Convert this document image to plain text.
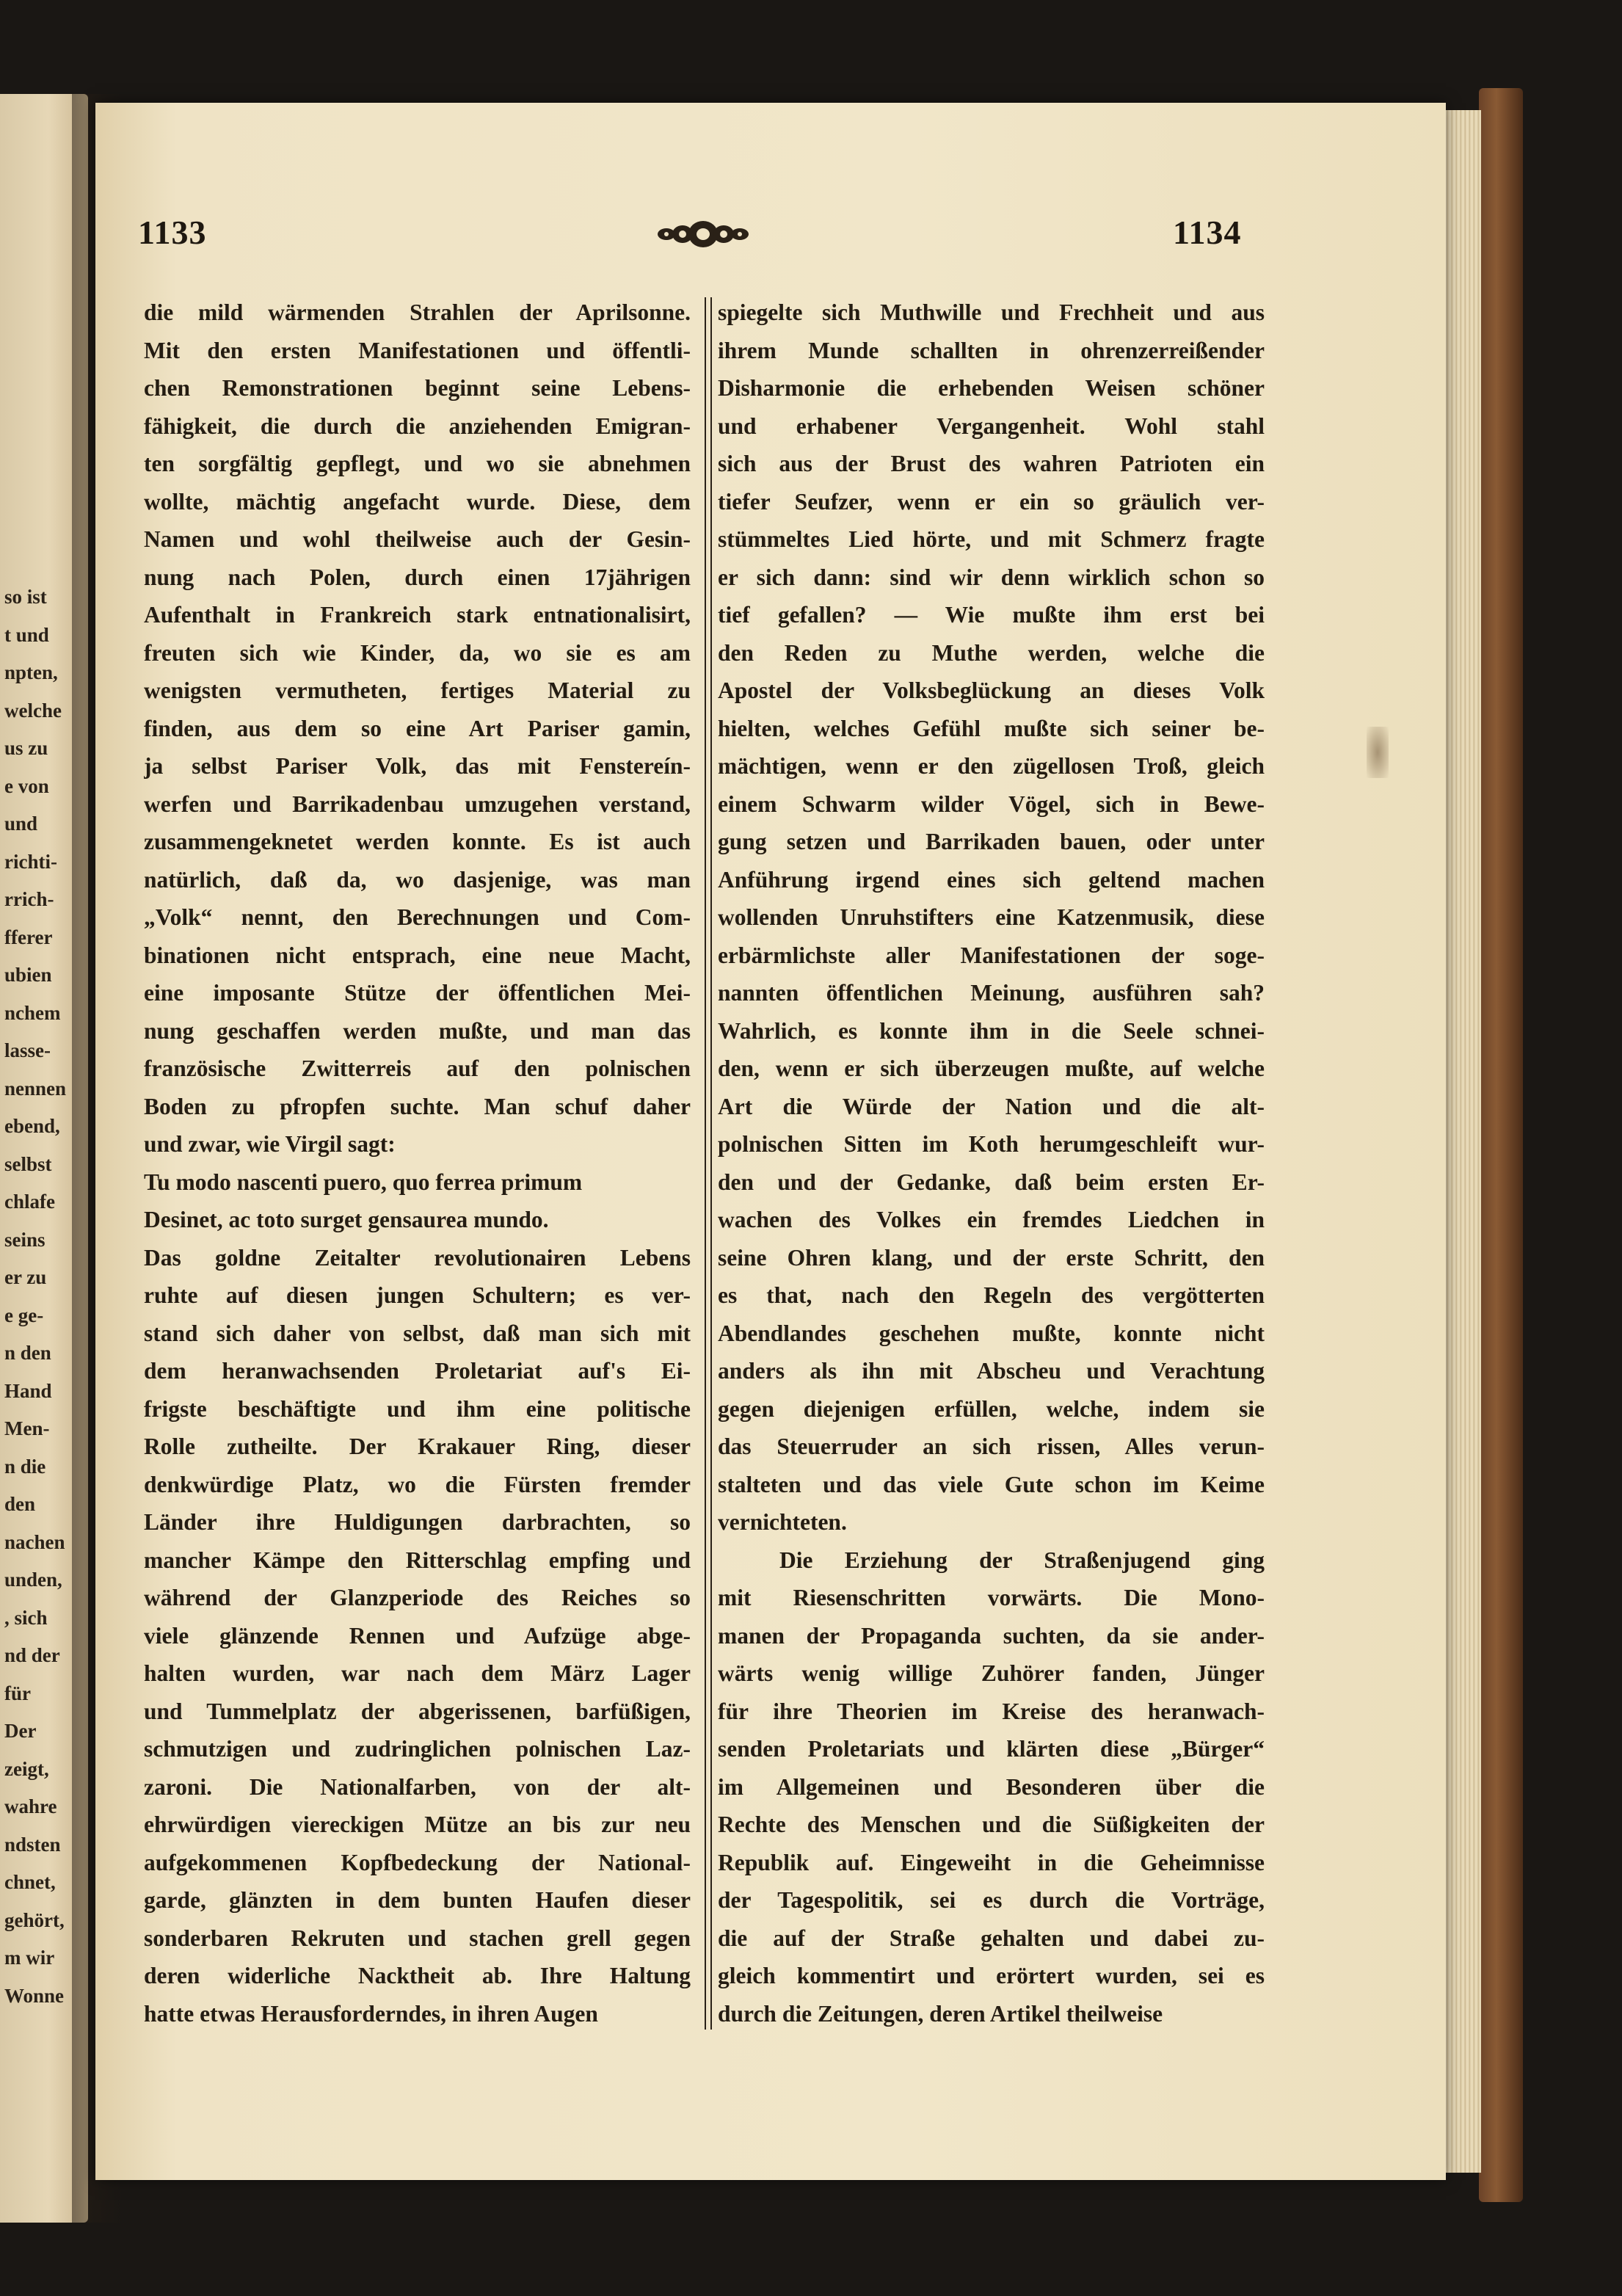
so ist
t und
npten,
welche
us zu
e von
und
richti-
rrich-
fferer
ubien
nchem
lasse-
nennen
ebend,
selbst
chlafe
seins
er zu
e ge-
n den
Hand
Men-
n die
den
nachen
unden,
, sich
nd der
für
Der
zeigt,
wahre
ndsten
chnet,
gehört,
m wir
Wonne
1133	1134
die mild wärmenden Strahlen der Aprilsonne.
Mit den ersten Manifestationen und öffentli-
chen Remonstrationen beginnt seine Lebens-
fähigkeit, die durch die anziehenden Emigran-
ten sorgfältig gepflegt, und wo sie abnehmen
wollte, mächtig angefacht wurde. Diese, dem
Namen und wohl theilweise auch der Gesin-
nung nach Polen, durch einen 17jährigen
Aufenthalt in Frankreich stark entnationalisirt,
freuten sich wie Kinder, da, wo sie es am
wenigsten vermutheten, fertiges Material zu
finden, aus dem so eine Art Pariser gamin,
ja selbst Pariser Volk, das mit Fenstereín-
werfen und Barrikadenbau umzugehen verstand,
zusammengeknetet werden konnte. Es ist auch
natürlich, daß da, wo dasjenige, was man
„Volk“ nennt, den Berechnungen und Com-
binationen nicht entsprach, eine neue Macht,
eine imposante Stütze der öffentlichen Mei-
nung geschaffen werden mußte, und man das
französische Zwitterreis auf den polnischen
Boden zu pfropfen suchte. Man schuf daher
und zwar, wie Virgil sagt:
Tu modo nascenti puero, quo ferrea primum
Desinet, ac toto surget gensaurea mundo.
Das goldne Zeitalter revolutionairen Lebens
ruhte auf diesen jungen Schultern; es ver-
stand sich daher von selbst, daß man sich mit
dem heranwachsenden Proletariat auf's Ei-
frigste beschäftigte und ihm eine politische
Rolle zutheilte. Der Krakauer Ring, dieser
denkwürdige Platz, wo die Fürsten fremder
Länder ihre Huldigungen darbrachten, so
mancher Kämpe den Ritterschlag empfing und
während der Glanzperiode des Reiches so
viele glänzende Rennen und Aufzüge abge-
halten wurden, war nach dem März Lager
und Tummelplatz der abgerissenen, barfüßigen,
schmutzigen und zudringlichen polnischen Laz-
zaroni. Die Nationalfarben, von der alt-
ehrwürdigen viereckigen Mütze an bis zur neu
aufgekommenen Kopfbedeckung der National-
garde, glänzten in dem bunten Haufen dieser
sonderbaren Rekruten und stachen grell gegen
deren widerliche Nacktheit ab. Ihre Haltung
hatte etwas Herausforderndes, in ihren Augen
spiegelte sich Muthwille und Frechheit und aus
ihrem Munde schallten in ohrenzerreißender
Disharmonie die erhebenden Weisen schöner
und erhabener Vergangenheit. Wohl stahl
sich aus der Brust des wahren Patrioten ein
tiefer Seufzer, wenn er ein so gräulich ver-
stümmeltes Lied hörte, und mit Schmerz fragte
er sich dann: sind wir denn wirklich schon so
tief gefallen? — Wie mußte ihm erst bei
den Reden zu Muthe werden, welche die
Apostel der Volksbeglückung an dieses Volk
hielten, welches Gefühl mußte sich seiner be-
mächtigen, wenn er den zügellosen Troß, gleich
einem Schwarm wilder Vögel, sich in Bewe-
gung setzen und Barrikaden bauen, oder unter
Anführung irgend eines sich geltend machen
wollenden Unruhstifters eine Katzenmusik, diese
erbärmlichste aller Manifestationen der soge-
nannten öffentlichen Meinung, ausführen sah?
Wahrlich, es konnte ihm in die Seele schnei-
den, wenn er sich überzeugen mußte, auf welche
Art die Würde der Nation und die alt-
polnischen Sitten im Koth herumgeschleift wur-
den und der Gedanke, daß beim ersten Er-
wachen des Volkes ein fremdes Liedchen in
seine Ohren klang, und der erste Schritt, den
es that, nach den Regeln des vergötterten
Abendlandes geschehen mußte, konnte nicht
anders als ihn mit Abscheu und Verachtung
gegen diejenigen erfüllen, welche, indem sie
das Steuerruder an sich rissen, Alles verun-
stalteten und das viele Gute schon im Keime
vernichteten.
Die Erziehung der Straßenjugend ging
mit Riesenschritten vorwärts. Die Mono-
manen der Propaganda suchten, da sie ander-
wärts wenig willige Zuhörer fanden, Jünger
für ihre Theorien im Kreise des heranwach-
senden Proletariats und klärten diese „Bürger“
im Allgemeinen und Besonderen über die
Rechte des Menschen und die Süßigkeiten der
Republik auf. Eingeweiht in die Geheimnisse
der Tagespolitik, sei es durch die Vorträge,
die auf der Straße gehalten und dabei zu-
gleich kommentirt und erörtert wurden, sei es
durch die Zeitungen, deren Artikel theilweise
